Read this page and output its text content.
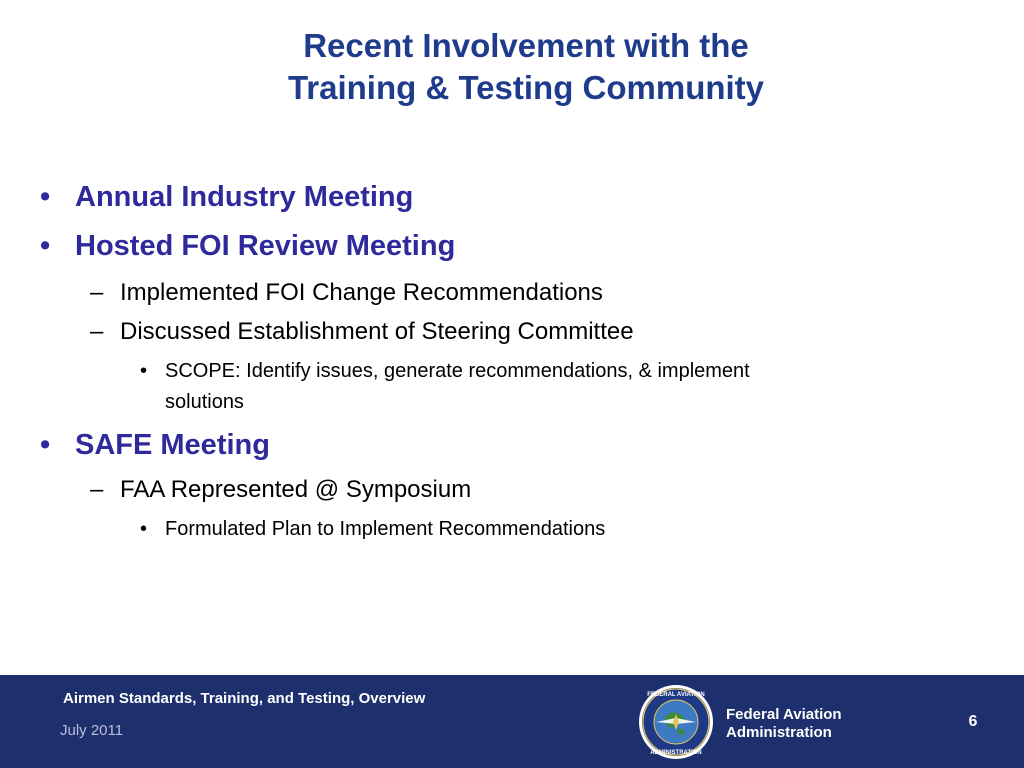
Recent Involvement with the
Training & Testing Community
• Annual Industry Meeting
• Hosted FOI Review Meeting
– Implemented FOI Change Recommendations
– Discussed Establishment of Steering Committee
• SCOPE: Identify issues, generate recommendations, & implement
solutions
• SAFE Meeting
– FAA Represented @ Symposium
• Formulated Plan to Implement Recommendations
Airmen Standards, Training, and Testing, Overview
July 2011
FEDERAL AVIATION
ADMINISTRATION
Federal Aviation
Administration
6
